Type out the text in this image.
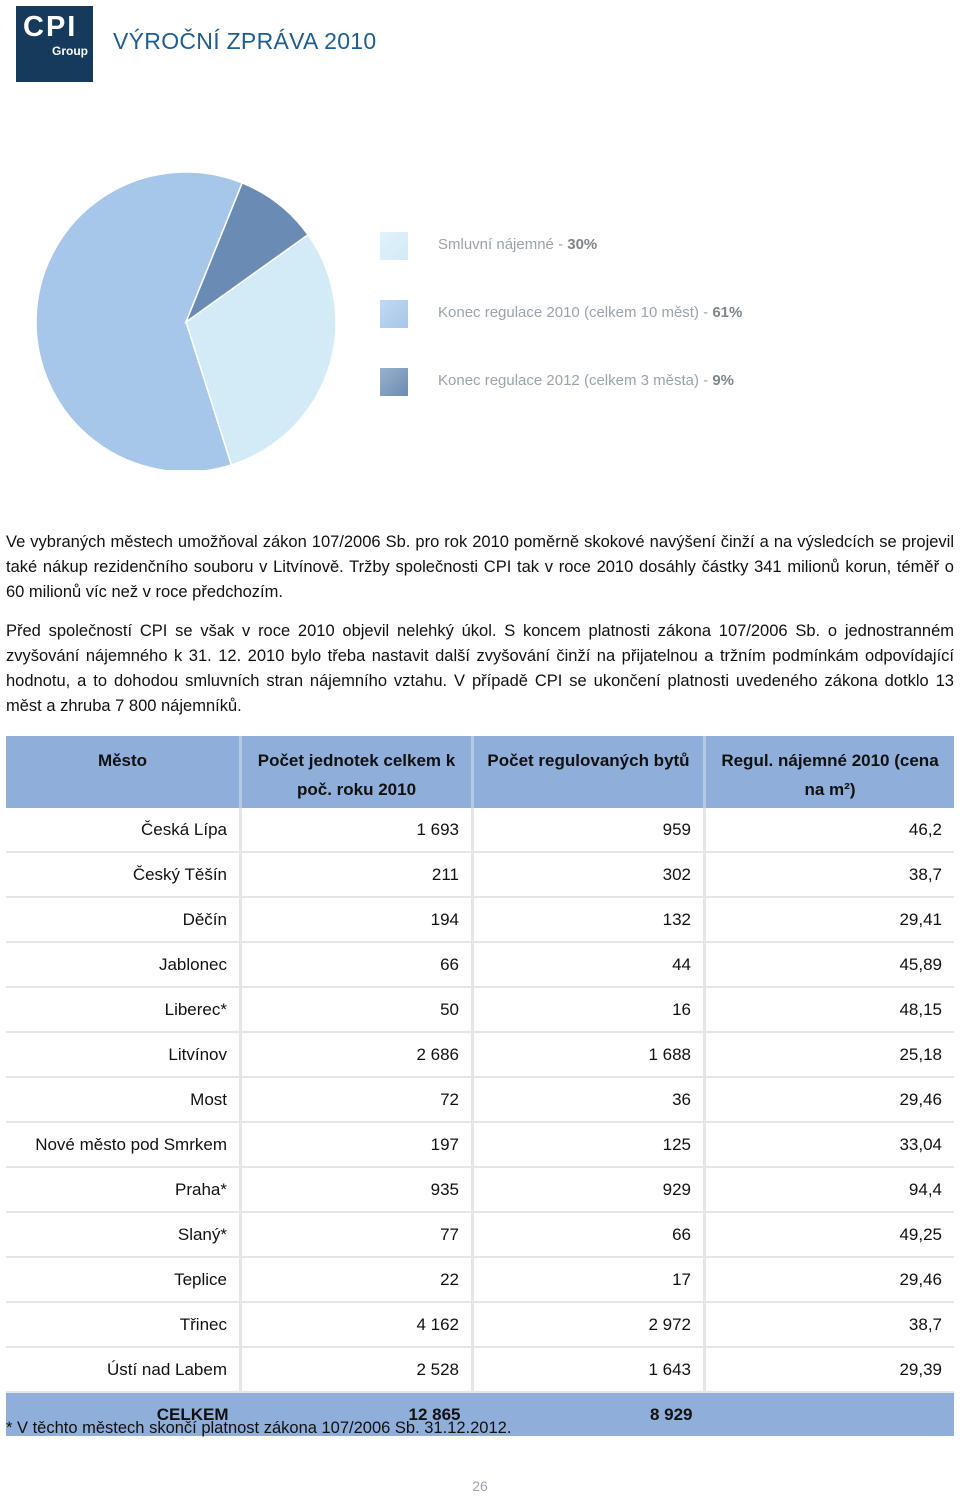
CPI
Group VÝROČNÍ ZPRÁVA 2010
Smluvní nájemné - 30%
Konec regulace 2010 (celkem 10 měst) - 61%
Konec regulace 2012 (celkem 3 města) - 9%
Ve vybraných městech umožňoval zákon 107/2006 Sb. pro rok 2010 poměrně skokové navýšení činží a na výsledcích se projevil také nákup rezidenčního souboru v Litvínově. Tržby společnosti CPI tak v roce 2010 dosáhly částky 341 milionů korun, téměř o 60 milionů víc než v roce předchozím.
Před společností CPI se však v roce 2010 objevil nelehký úkol. S koncem platnosti zákona 107/2006 Sb. o jednostranném zvyšování nájemného k 31. 12. 2010 bylo třeba nastavit další zvyšování činží na přijatelnou a tržním podmínkám odpovídající hodnotu, a to dohodou smluvních stran nájemního vztahu. V případě CPI se ukončení platnosti uvedeného zákona dotklo 13 měst a zhruba 7 800 nájemníků.
Město	Počet jednotek celkem k poč. roku 2010	Počet regulovaných bytů	Regul. nájemné 2010 (cena na m²)
Česká Lípa	1 693	959	46,2
Český Těšín	211	302	38,7
Děčín	194	132	29,41
Jablonec	66	44	45,89
Liberec*	50	16	48,15
Litvínov	2 686	1 688	25,18
Most	72	36	29,46
Nové město pod Smrkem	197	125	33,04
Praha*	935	929	94,4
Slaný*	77	66	49,25
Teplice	22	17	29,46
Třinec	4 162	2 972	38,7
Ústí nad Labem	2 528	1 643	29,39
CELKEM	12 865	8 929	
* V těchto městech skončí platnost zákona 107/2006 Sb. 31.12.2012.
26
